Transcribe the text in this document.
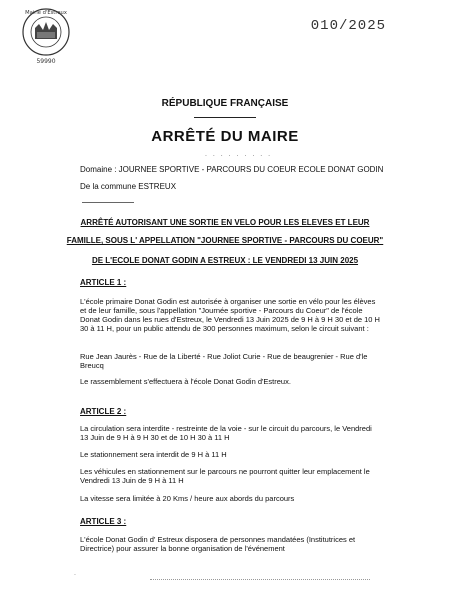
Mairie d'Estreux
59990
010/2025
RÉPUBLIQUE FRANÇAISE
ARRÊTÉ DU MAIRE
. . . . . . . . .
Domaine : JOURNEE SPORTIVE - PARCOURS DU COEUR ECOLE DONAT GODIN
De la commune ESTREUX
ARRÊTÉ AUTORISANT UNE SORTIE EN VELO POUR LES ELEVES ET LEUR
FAMILLE, SOUS L' APPELLATION "JOURNEE SPORTIVE - PARCOURS DU COEUR"
DE L'ECOLE DONAT GODIN A ESTREUX : LE VENDREDI 13 JUIN 2025
ARTICLE 1 :
L'école primaire Donat Godin est autorisée à organiser une sortie en vélo pour les élèves et de leur famille, sous l'appellation "Journée sportive - Parcours du Coeur" de l'école Donat Godin dans les rues d'Estreux, le Vendredi 13 Juin 2025 de 9 H à 9 H 30 et de 10 H 30 à 11 H, pour un public attendu de 300 personnes maximum, selon le circuit suivant :
Rue Jean Jaurès - Rue de la Liberté - Rue Joliot Curie - Rue de beaugrenier - Rue d'le Breucq
Le rassemblement s'effectuera à l'école Donat Godin d'Estreux.
ARTICLE 2 :
La circulation sera interdite - restreinte de la voie - sur le circuit du parcours, le Vendredi 13 Juin de 9 H à 9 H 30 et de 10 H 30 à 11 H
Le stationnement sera interdit de 9 H à 11 H
Les véhicules en stationnement sur le parcours ne pourront quitter leur emplacement le Vendredi 13 Juin de 9 H à 11 H
La vitesse sera limitée à 20 Kms / heure aux abords du parcours
ARTICLE 3 :
L'école Donat Godin d' Estreux disposera de personnes mandatées (Institutrices et Directrice) pour assurer la bonne organisation de l'événement
.
